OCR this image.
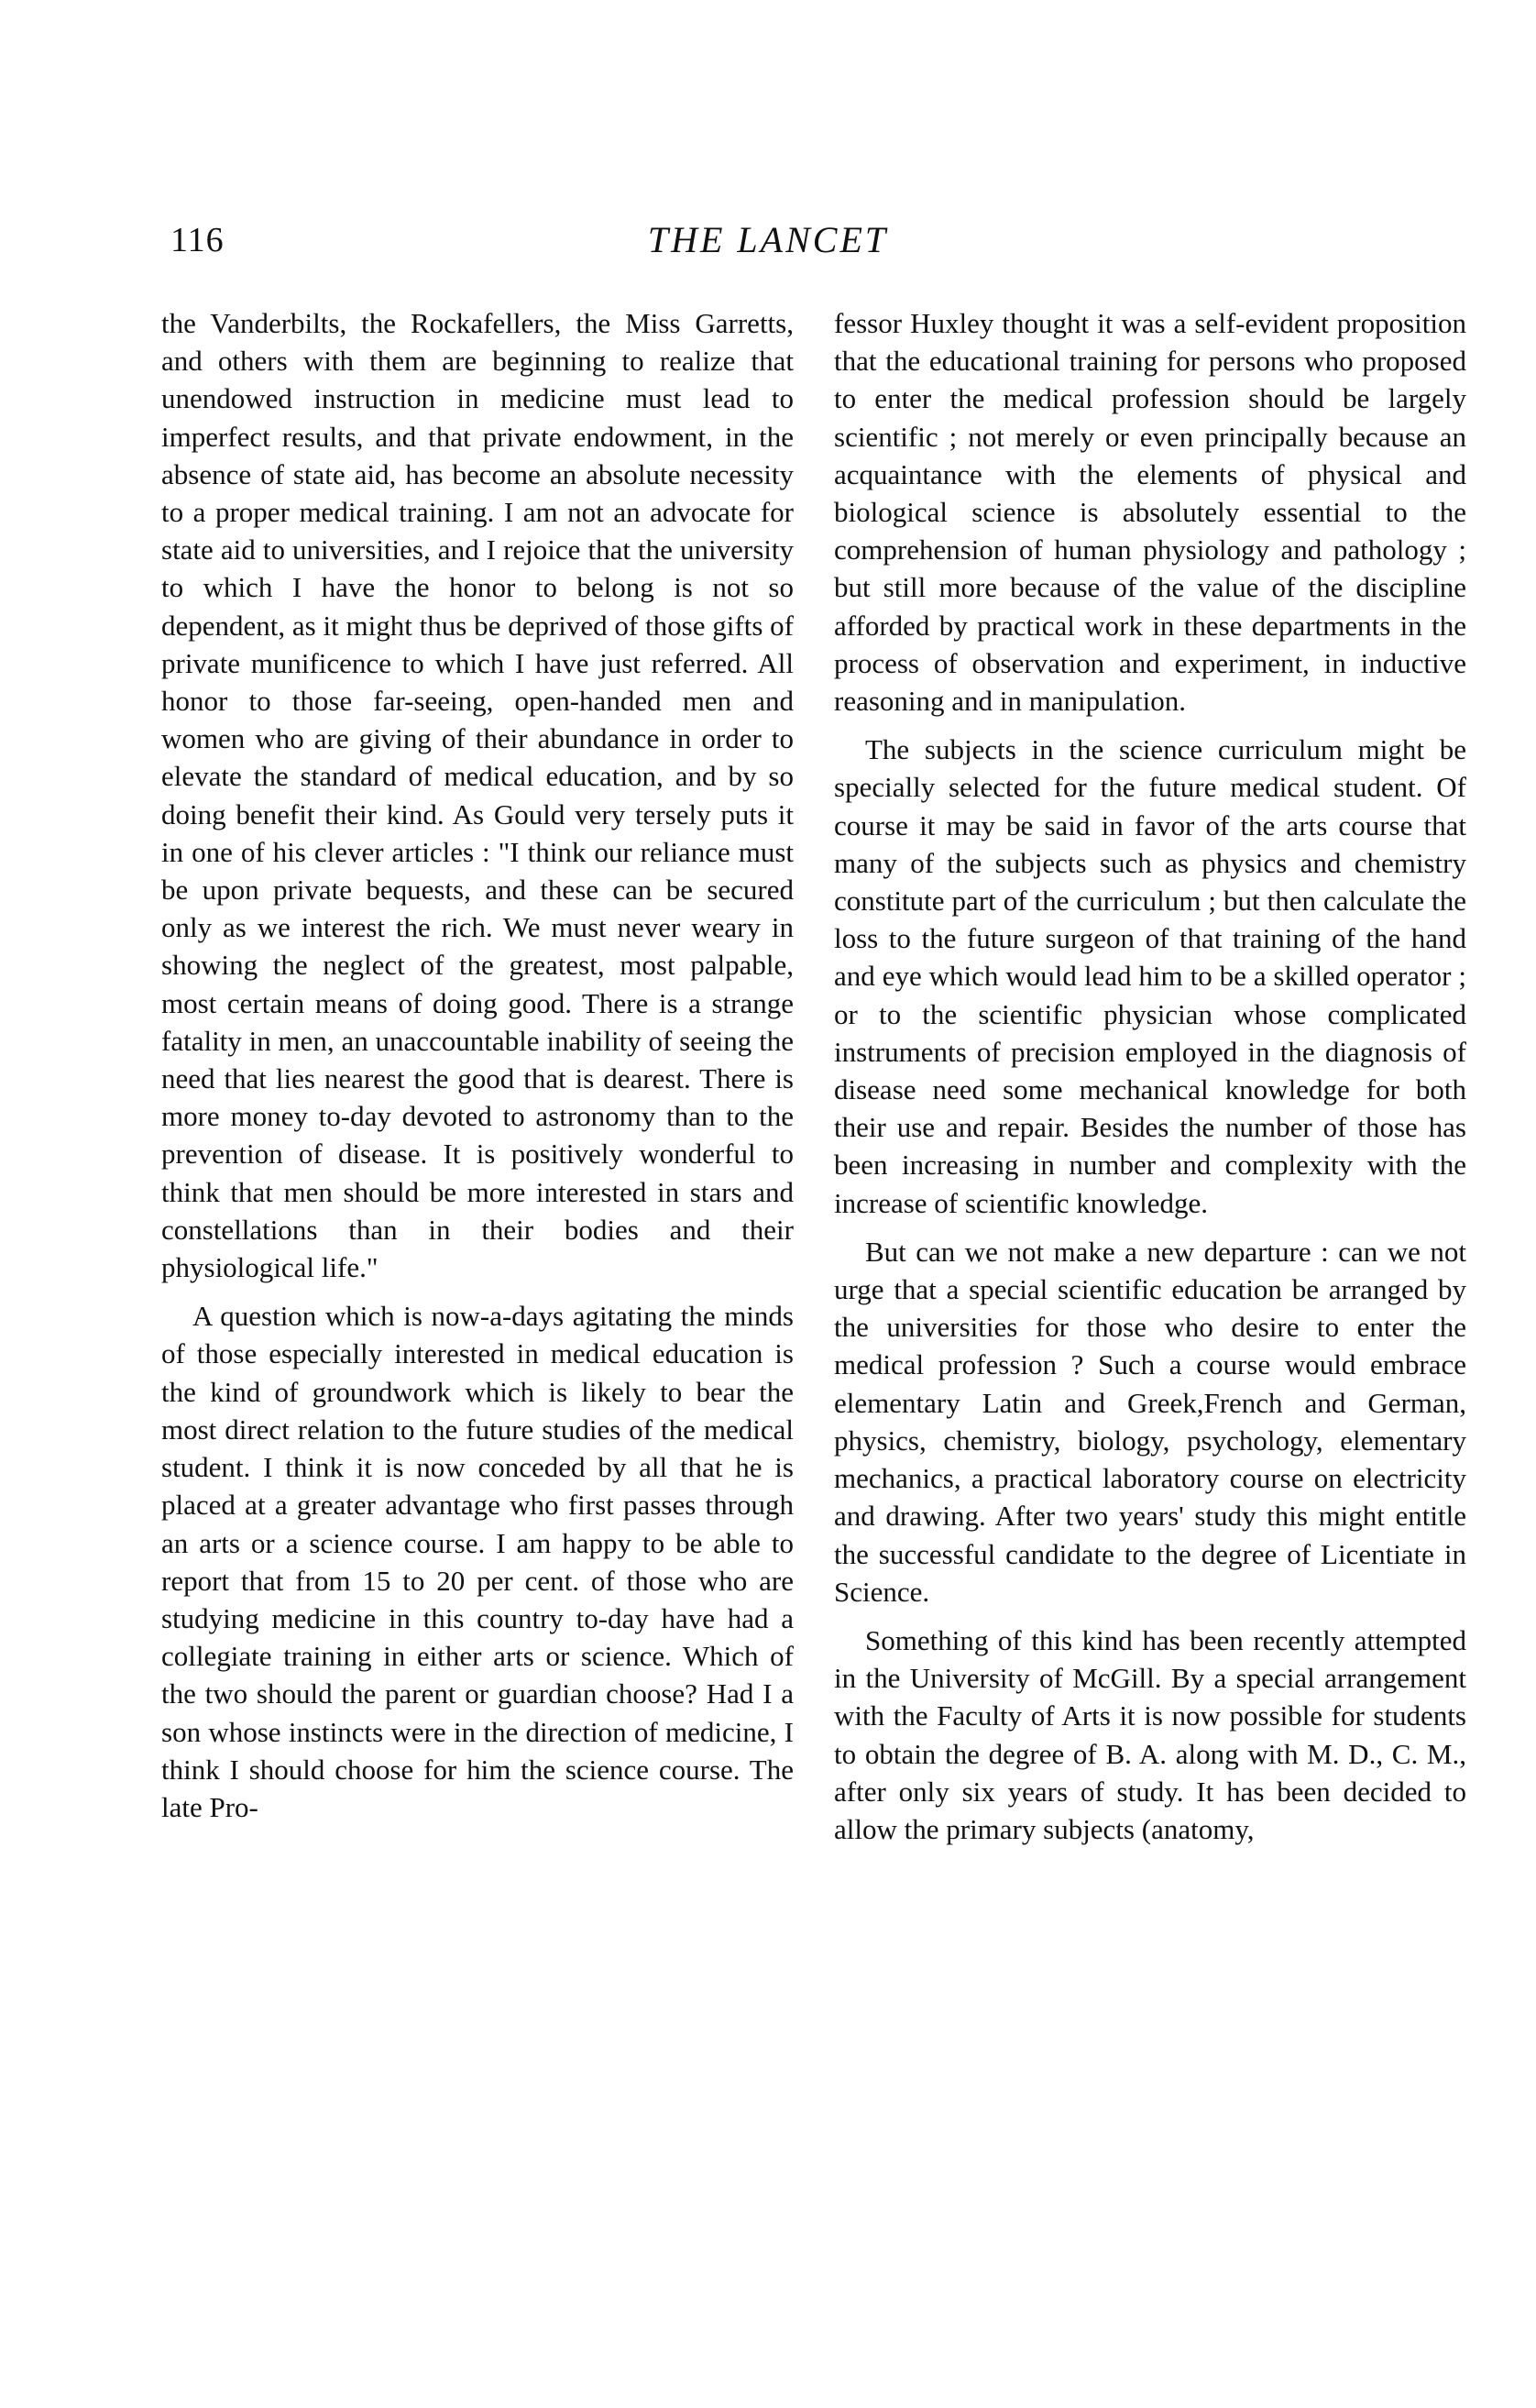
116	THE LANCET

the Vanderbilts, the Rockafellers, the Miss Garretts, and others with them are beginning to realize that unendowed instruction in medicine must lead to imperfect results, and that private endowment, in the absence of state aid, has become an absolute necessity to a proper medical training. I am not an advocate for state aid to universities, and I rejoice that the university to which I have the honor to belong is not so dependent, as it might thus be deprived of those gifts of private munificence to which I have just referred. All honor to those far-seeing, open-handed men and women who are giving of their abundance in order to elevate the standard of medical education, and by so doing benefit their kind. As Gould very tersely puts it in one of his clever articles : "I think our reliance must be upon private bequests, and these can be secured only as we interest the rich. We must never weary in showing the neglect of the greatest, most palpable, most certain means of doing good. There is a strange fatality in men, an unaccountable inability of seeing the need that lies nearest the good that is dearest. There is more money to-day devoted to astronomy than to the prevention of disease. It is positively wonderful to think that men should be more interested in stars and constellations than in their bodies and their physiological life."

A question which is now-a-days agitating the minds of those especially interested in medical education is the kind of groundwork which is likely to bear the most direct relation to the future studies of the medical student. I think it is now conceded by all that he is placed at a greater advantage who first passes through an arts or a science course. I am happy to be able to report that from 15 to 20 per cent. of those who are studying medicine in this country to-day have had a collegiate training in either arts or science. Which of the two should the parent or guardian choose? Had I a son whose instincts were in the direction of medicine, I think I should choose for him the science course. The late Pro-

fessor Huxley thought it was a self-evident proposition that the educational training for persons who proposed to enter the medical profession should be largely scientific ; not merely or even principally because an acquaintance with the elements of physical and biological science is absolutely essential to the comprehension of human physiology and pathology ; but still more because of the value of the discipline afforded by practical work in these departments in the process of observation and experiment, in inductive reasoning and in manipulation.

The subjects in the science curriculum might be specially selected for the future medical student. Of course it may be said in favor of the arts course that many of the subjects such as physics and chemistry constitute part of the curriculum ; but then calculate the loss to the future surgeon of that training of the hand and eye which would lead him to be a skilled operator ; or to the scientific physician whose complicated instruments of precision employed in the diagnosis of disease need some mechanical knowledge for both their use and repair. Besides the number of those has been increasing in number and complexity with the increase of scientific knowledge.

But can we not make a new departure : can we not urge that a special scientific education be arranged by the universities for those who desire to enter the medical profession ? Such a course would embrace elementary Latin and Greek,French and German, physics, chemistry, biology, psychology, elementary mechanics, a practical laboratory course on electricity and drawing. After two years' study this might entitle the successful candidate to the degree of Licentiate in Science.

Something of this kind has been recently attempted in the University of McGill. By a special arrangement with the Faculty of Arts it is now possible for students to obtain the degree of B. A. along with M. D., C. M., after only six years of study. It has been decided to allow the primary subjects (anatomy,
